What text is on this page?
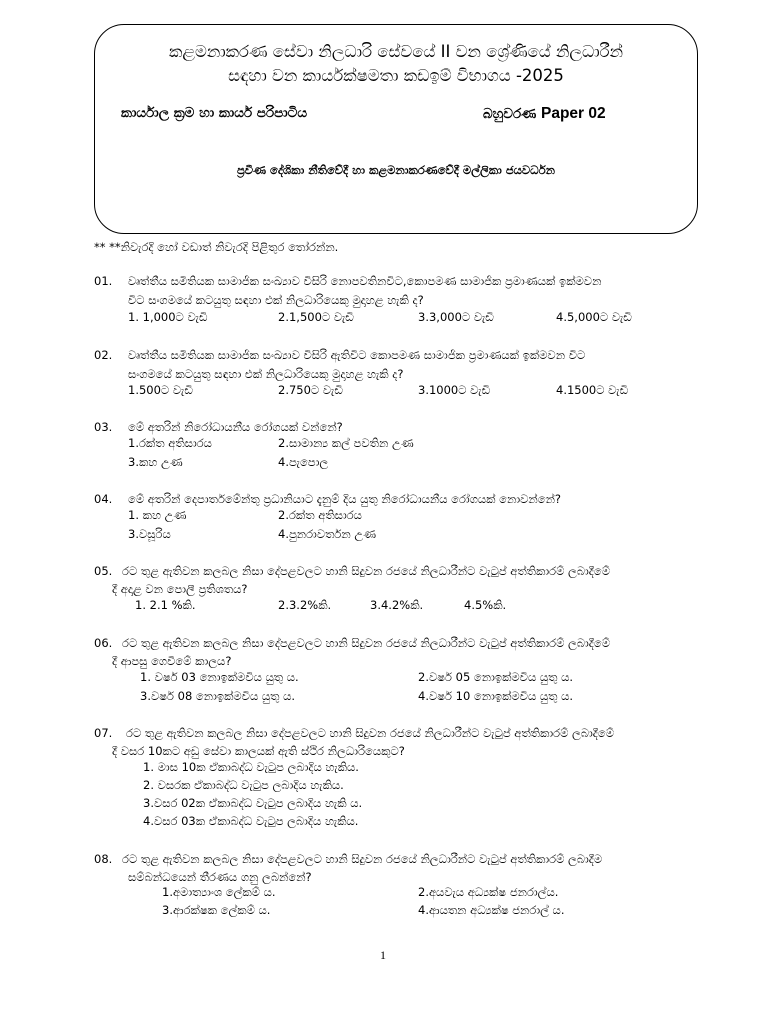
කළමනාකරණ සේවා නිලධාරි සේවයේ II වන ශ්‍රේණියේ නිලධාරීන්
සඳහා වන කාර්යක්ෂමතා කඩඉම් විභාගය -2025
කාර්යාල ක්‍රම හා කාර්ය පරිපාටිය	බහුවරණ Paper 02
ප්‍රවීණ දේශිකා නීතිවේදී හා කළමනාකරණවේදී මල්ලිකා ජයවර්ධන
** **නිවැරදි හෝ වඩාත් නිවැරදි පිළිතුර තෝරන්න.
01. වෘත්තීය සමිතියක සාමාජික සංඛ්‍යාව විසිරි නොපවතිනවිට,කොපමණ සාමාජික ප්‍රමාණයක් ඉක්මවන
විට සංගමයේ කටයුතු සඳහා එක් නිලධාරියෙකු මුදාහළ හැකි ද?
1. 1,000ට වැඩි	2.1,500ට වැඩි	3.3,000ට වැඩි	4.5,000ට වැඩි
02. වෘත්තීය සමිතියක සාමාජික සංඛ්‍යාව විසිරි ඇතිවිට කොපමණ සාමාජික ප්‍රමාණයක් ඉක්මවන විට
සංගමයේ කටයුතු සඳහා එක් නිලධාරියෙකු මුදාහළ හැකි ද?
1.500ට වැඩි	2.750ට වැඩි	3.1000ට වැඩි	4.1500ට වැඩි
03. මේ අතරින් නිරෝධායනීය රෝගයක් වන්නේ?
1.රක්ත අතිසාරය	2.සාමාන්‍ය කල් පවතින උණ
3.කහ උණ	4.පැපොල
04. මේ අතරින් දෙපාර්තමේන්තු ප්‍රධානියාට දැනුම් දිය යුතු නිරෝධායනීය රෝගයක් නොවන්නේ?
1. කහ උණ	2.රක්ත අතිසාරය
3.වසූරිය	4.පුනරාවර්තන උණ
05. රට තුළ ඇතිවන කලබල නිසා දේපළවලට හානි සිදුවන රජයේ නිලධාරීන්ට වැටුප් අත්තිකාරම් ලබාදීමේ
දී අදාළ වන පොලී ප්‍රතිශතය?
1. 2.1 %කි.	2.3.2%කි.	3.4.2%කි.	4.5%කි.
06. රට තුළ ඇතිවන කලබල නිසා දේපළවලට හානි සිදුවන රජයේ නිලධාරීන්ට වැටුප් අත්තිකාරම් ලබාදීමේ
දී ආපසු ගෙවීමේ කාලය?
1. වර්ෂ 03 නොඉක්මවිය යුතු ය.	2.වර්ෂ 05 නොඉක්මවිය යුතු ය.
3.වර්ෂ 08 නොඉක්මවිය යුතු ය.	4.වර්ෂ 10 නොඉක්මවිය යුතු ය.
07. රට තුළ ඇතිවන කලබල නිසා දේපළවලට හානි සිදුවන රජයේ නිලධාරීන්ට වැටුප් අත්තිකාරම් ලබාදීමේ
දී වසර 10කට අඩු සේවා කාලයක් ඇති ස්ථිර නිලධාරියෙකුට?
1. මාස 10ක ඒකාබද්ධ වැටුප ලබාදිය හැකිය.
2. වසරක ඒකාබද්ධ වැටුප ලබාදිය හැකිය.
3.වසර 02ක ඒකාබද්ධ වැටුප ලබාදිය හැකි ය.
4.වසර 03ක ඒකාබද්ධ වැටුප ලබාදිය හැකිය.
08. රට තුළ ඇතිවන කලබල නිසා දේපළවලට හානි සිදුවන රජයේ නිලධාරීන්ට වැටුප් අත්තිකාරම් ලබාදීම
සම්බන්ධයෙන් තීරණය ගනු ලබන්නේ?
1.අමාත්‍යාංශ ලේකම් ය.	2.අයවැය අධ්‍යක්ෂ ජනරාල්ය.
3.ආරක්ෂක ලේකම් ය.	4.ආයතන අධ්‍යක්ෂ ජනරාල් ය.
1
